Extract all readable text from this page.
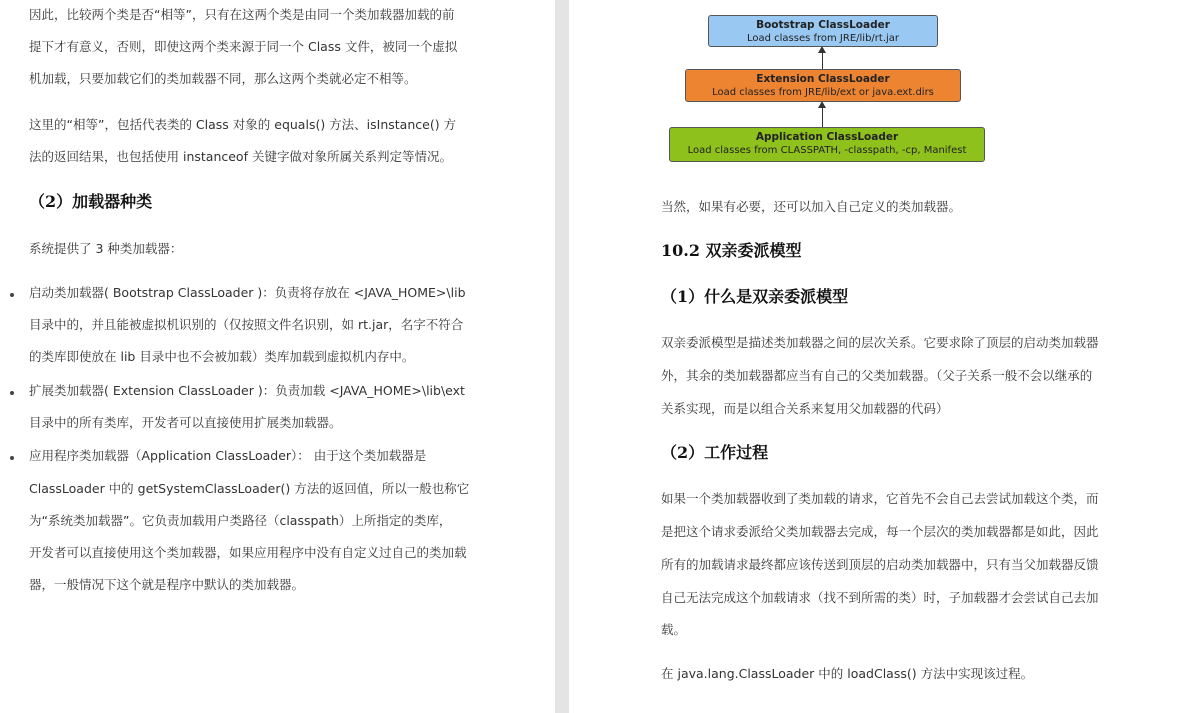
因此，比较两个类是否“相等”，只有在这两个类是由同一个类加载器加载的前
提下才有意义，否则，即使这两个类来源于同一个 Class 文件，被同一个虚拟
机加载，只要加载它们的类加载器不同，那么这两个类就必定不相等。
这里的“相等”，包括代表类的 Class 对象的 equals() 方法、isInstance() 方
法的返回结果，也包括使用 instanceof 关键字做对象所属关系判定等情况。
（2）加载器种类
系统提供了 3 种类加载器：
启动类加载器( Bootstrap ClassLoader )：负责将存放在 <JAVA_HOME>\lib
目录中的，并且能被虚拟机识别的（仅按照文件名识别，如 rt.jar，名字不符合
的类库即使放在 lib 目录中也不会被加载）类库加载到虚拟机内存中。
扩展类加载器( Extension ClassLoader )：负责加载 <JAVA_HOME>\lib\ext
目录中的所有类库，开发者可以直接使用扩展类加载器。
应用程序类加载器（Application ClassLoader）： 由于这个类加载器是
ClassLoader 中的 getSystemClassLoader() 方法的返回值，所以一般也称它
为“系统类加载器”。它负责加载用户类路径（classpath）上所指定的类库，
开发者可以直接使用这个类加载器，如果应用程序中没有自定义过自己的类加载
器，一般情况下这个就是程序中默认的类加载器。
Bootstrap ClassLoader
Load classes from JRE/lib/rt.jar
Extension ClassLoader
Load classes from JRE/lib/ext or java.ext.dirs
Application ClassLoader
Load classes from CLASSPATH, -classpath, -cp, Manifest
当然，如果有必要，还可以加入自己定义的类加载器。
10.2 双亲委派模型
（1）什么是双亲委派模型
双亲委派模型是描述类加载器之间的层次关系。它要求除了顶层的启动类加载器
外，其余的类加载器都应当有自己的父类加载器。（父子关系一般不会以继承的
关系实现，而是以组合关系来复用父加载器的代码）
（2）工作过程
如果一个类加载器收到了类加载的请求，它首先不会自己去尝试加载这个类，而
是把这个请求委派给父类加载器去完成，每一个层次的类加载器都是如此，因此
所有的加载请求最终都应该传送到顶层的启动类加载器中，只有当父加载器反馈
自己无法完成这个加载请求（找不到所需的类）时，子加载器才会尝试自己去加
载。
在 java.lang.ClassLoader 中的 loadClass() 方法中实现该过程。
